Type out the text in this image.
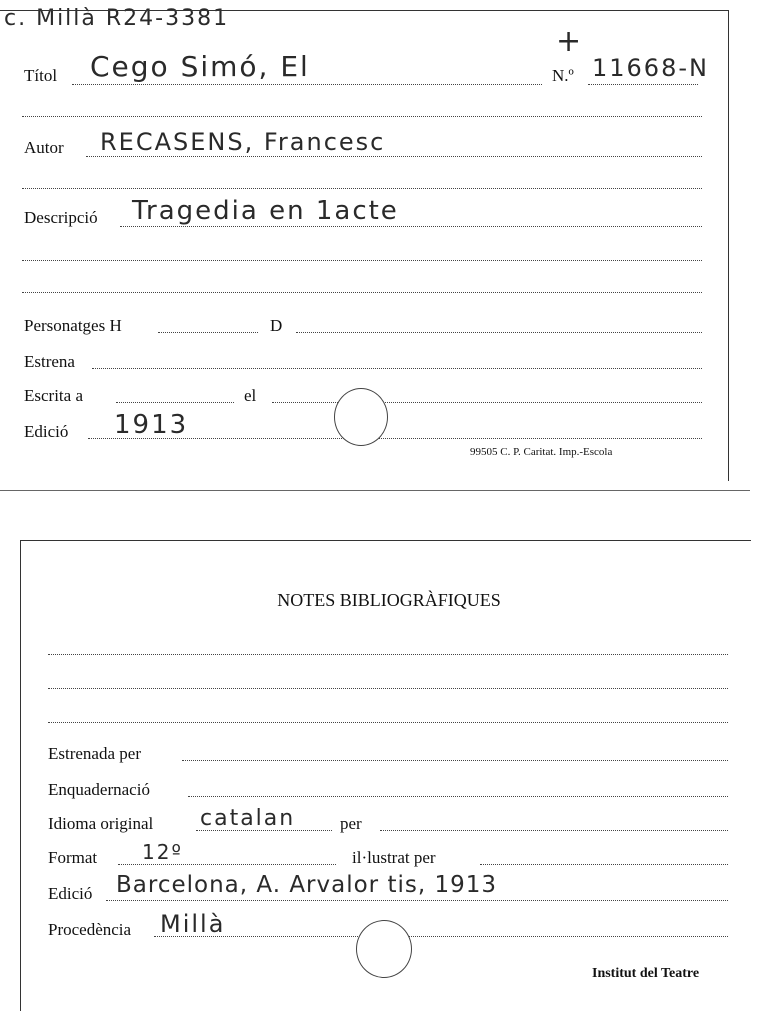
c. Millà R24-3381
+
Títol Cego Simó, El	N.º 11668-N
Autor RECASENS, Francesc
Descripció Tragedia en 1acte
Personatges H	D
Estrena
Escrita a	el
Edició 1913
99505 C. P. Caritat. Imp.-Escola
NOTES BIBLIOGRÀFIQUES
Estrenada per
Enquadernació
Idioma original catalan	per
Format 12º	il·lustrat per
Edició Barcelona, A. Arvalor tis, 1913
Procedència Millà
Institut del Teatre
